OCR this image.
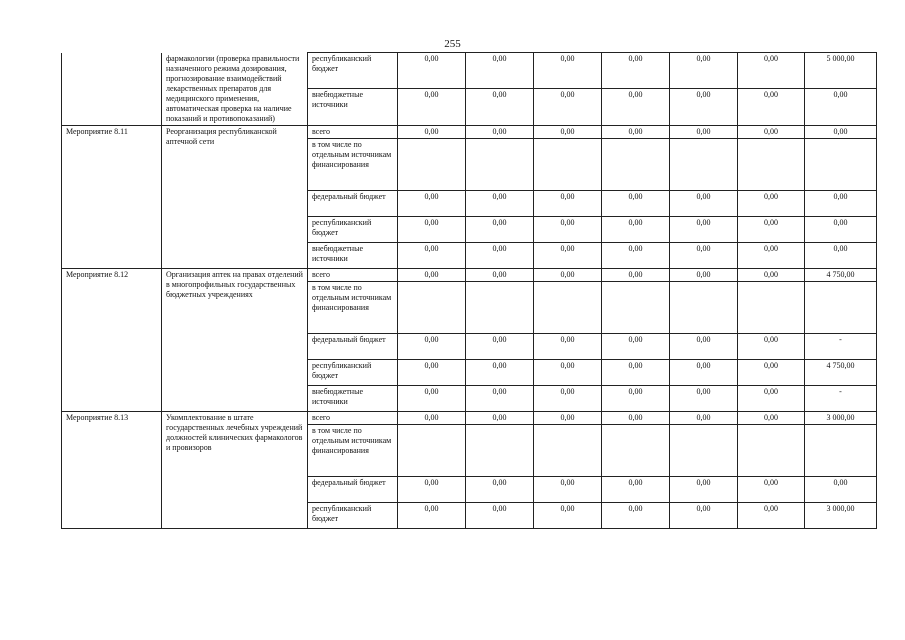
255
	фармакологии (проверка правильности назначенного режима дозирования, прогнозирование взаимодействий лекарственных препаратов для медицинского применения, автоматическая проверка на наличие показаний и противопоказаний)	республиканский бюджет	0,00	0,00	0,00	0,00	0,00	0,00	5 000,00
		внебюджетные источники	0,00	0,00	0,00	0,00	0,00	0,00	0,00
Мероприятие 8.11	Реорганизация республиканской аптечной сети	всего	0,00	0,00	0,00	0,00	0,00	0,00	0,00
		в том числе по отдельным источникам финансирования							
		федеральный бюджет	0,00	0,00	0,00	0,00	0,00	0,00	0,00
		республиканский бюджет	0,00	0,00	0,00	0,00	0,00	0,00	0,00
		внебюджетные источники	0,00	0,00	0,00	0,00	0,00	0,00	0,00
Мероприятие 8.12	Организация аптек на правах отделений в многопрофильных государственных бюджетных учреждениях	всего	0,00	0,00	0,00	0,00	0,00	0,00	4 750,00
		в том числе по отдельным источникам финансирования							
		федеральный бюджет	0,00	0,00	0,00	0,00	0,00	0,00	-
		республиканский бюджет	0,00	0,00	0,00	0,00	0,00	0,00	4 750,00
		внебюджетные источники	0,00	0,00	0,00	0,00	0,00	0,00	-
Мероприятие 8.13	Укомплектование в штате государственных лечебных учреждений должностей клинических фармакологов и провизоров	всего	0,00	0,00	0,00	0,00	0,00	0,00	3 000,00
		в том числе по отдельным источникам финансирования							
		федеральный бюджет	0,00	0,00	0,00	0,00	0,00	0,00	0,00
		республиканский бюджет	0,00	0,00	0,00	0,00	0,00	0,00	3 000,00
